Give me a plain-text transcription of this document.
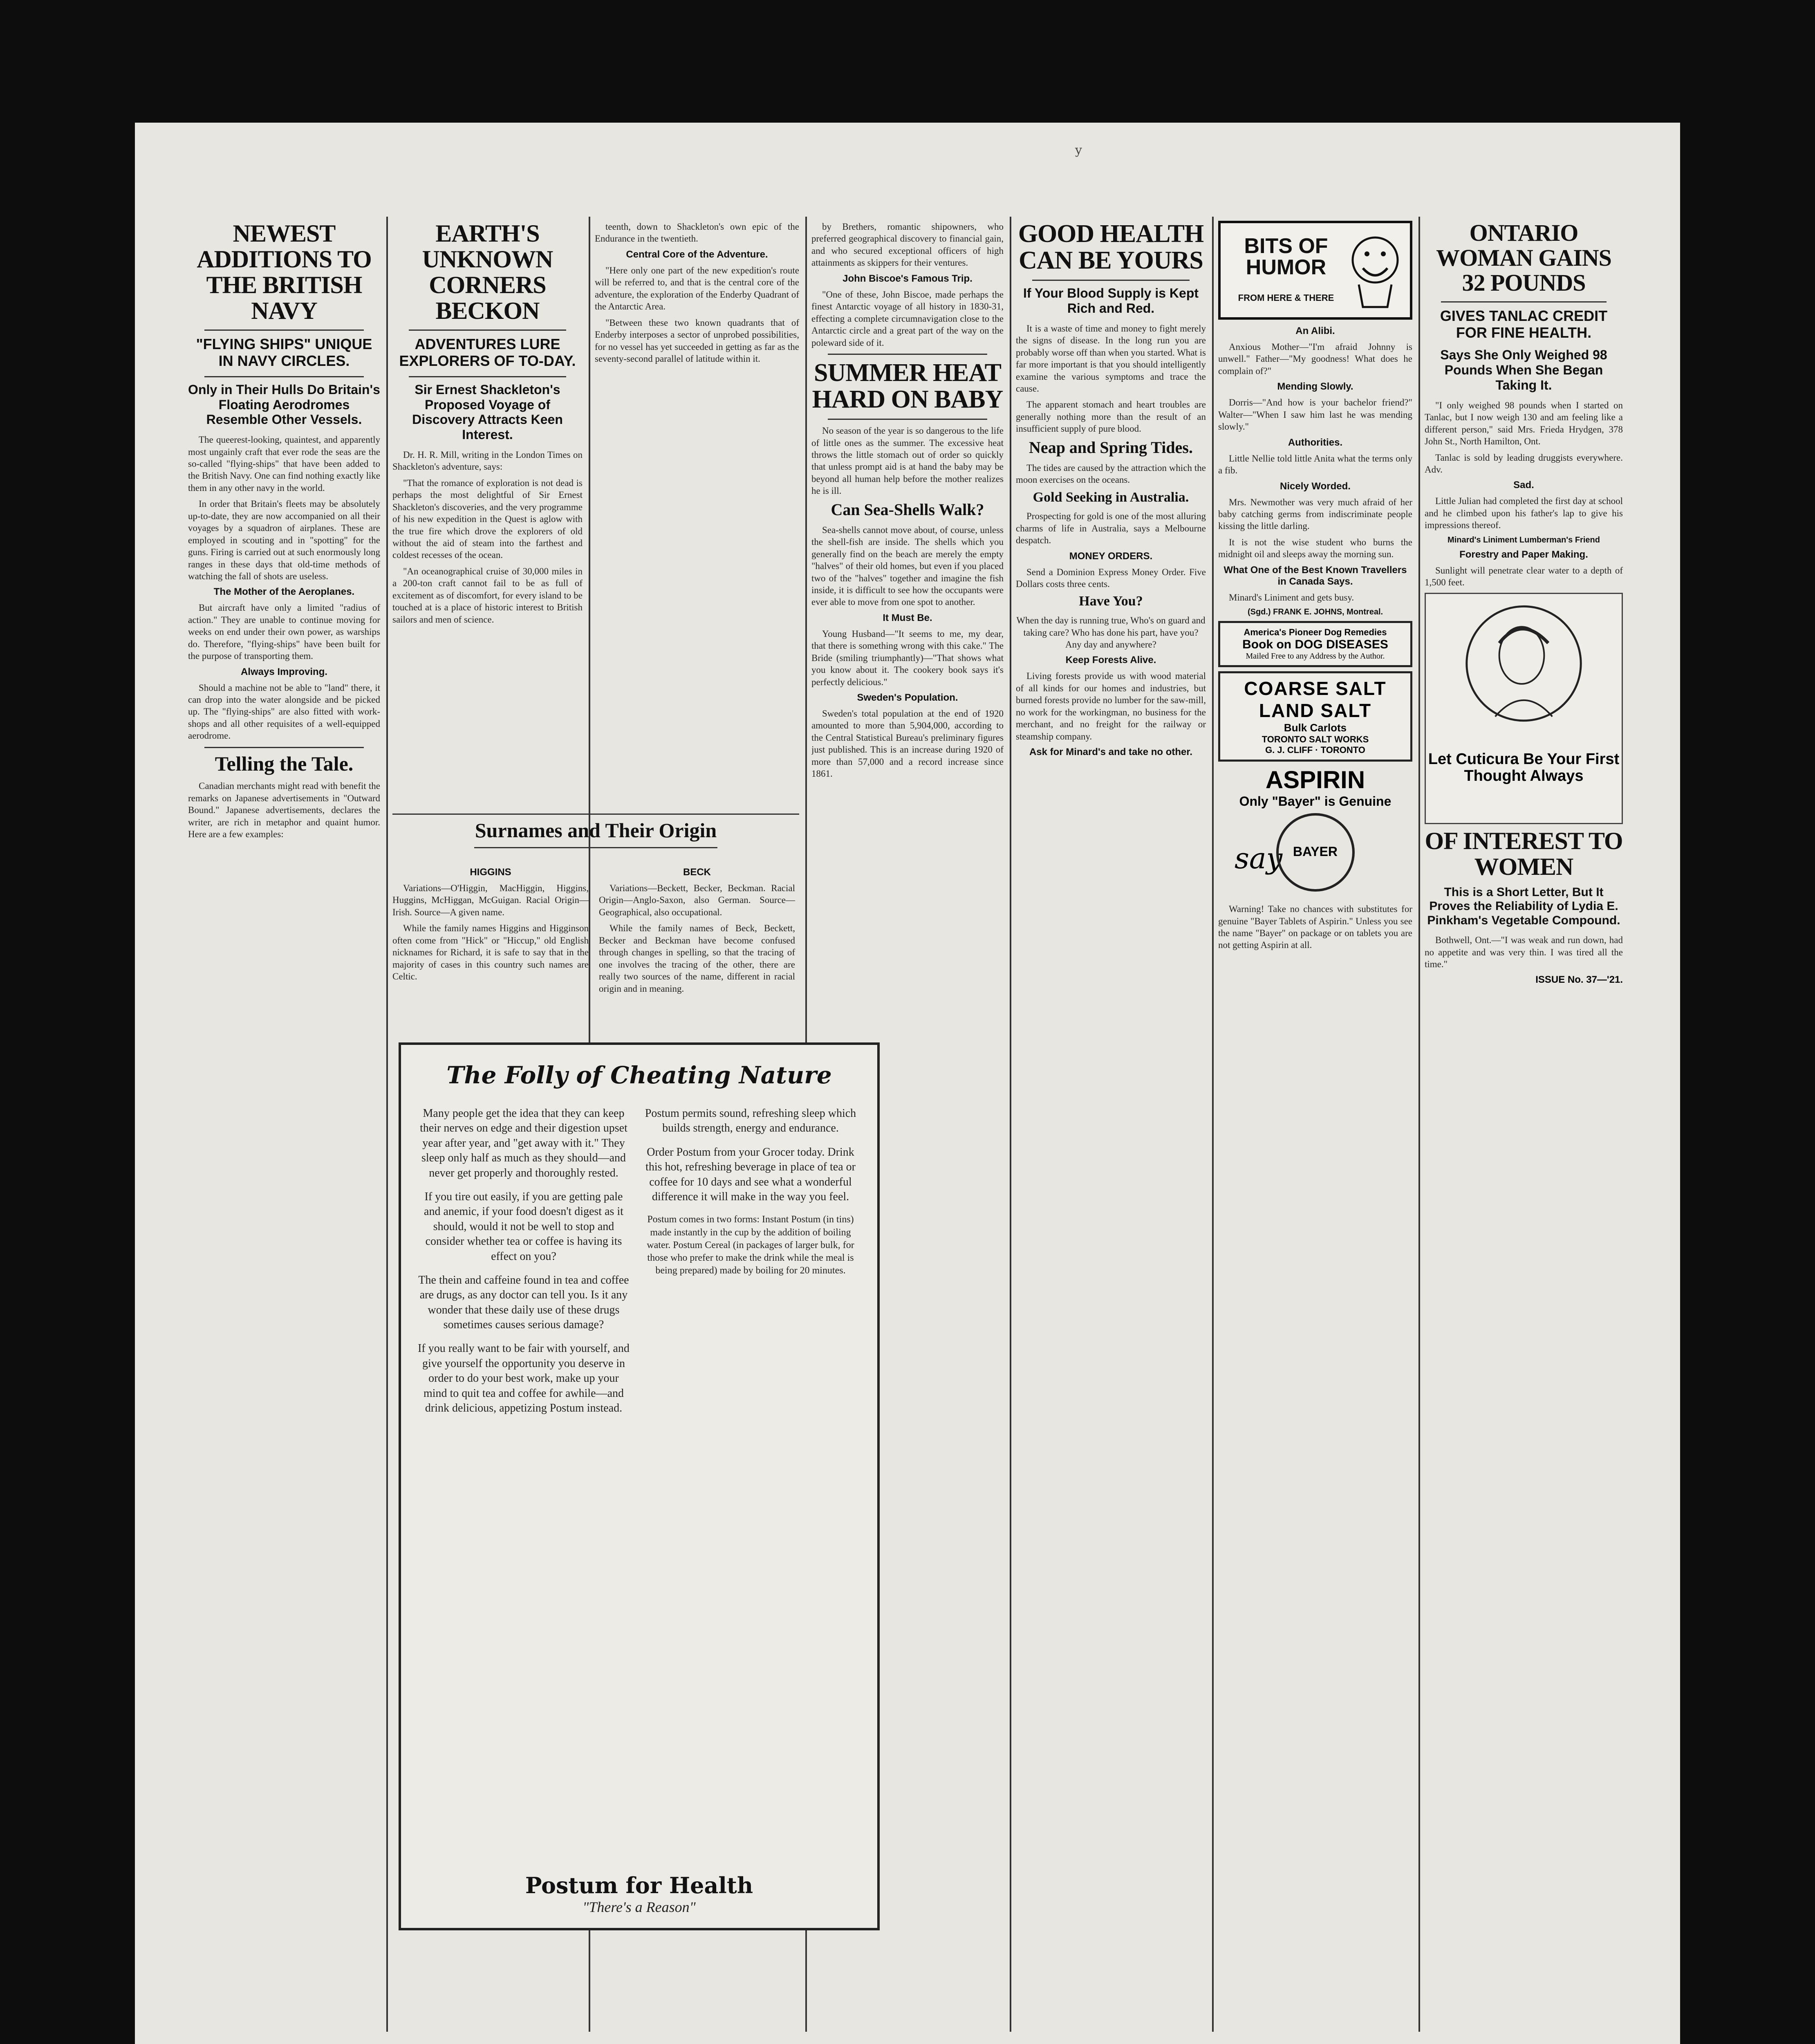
y
NEWEST ADDITIONS TO THE BRITISH NAVY
"FLYING SHIPS" UNIQUE IN NAVY CIRCLES.
Only in Their Hulls Do Britain's Floating Aerodromes Resemble Other Vessels.

The queerest-looking, quaintest, and apparently most ungainly craft that ever rode the seas are the so-called "flying-ships" that have been added to the British Navy. One can find nothing exactly like them in any other navy in the world.

In order that Britain's fleets may be absolutely up-to-date, they are now accompanied on all their voyages by a squadron of airplanes. These are employed in scouting and in "spotting" for the guns. Firing is carried out at such enormously long ranges in these days that old-time methods of watching the fall of shots are useless.

The Mother of the Aeroplanes.

But aircraft have only a limited "radius of action." They are unable to continue moving for weeks on end under their own power, as warships do. Therefore, "flying-ships" have been built for the purpose of transporting them.

Always Improving.

Should a machine not be able to "land" there, it can drop into the water alongside and be picked up. The "flying-ships" are also fitted with work-shops and all other requisites of a well-equipped aerodrome.

Telling the Tale.

Canadian merchants might read with benefit the remarks on Japanese advertisements in "Outward Bound." Japanese advertisements, declares the writer, are rich in metaphor and quaint humor. Here are a few examples:

EARTH'S UNKNOWN CORNERS BECKON
ADVENTURES LURE EXPLORERS OF TO-DAY.
Sir Ernest Shackleton's Proposed Voyage of Discovery Attracts Keen Interest.

Dr. H. R. Mill, writing in the London Times on Shackleton's adventure, says:

"That the romance of exploration is not dead is perhaps the most delightful of Sir Ernest Shackleton's discoveries, and the very programme of his new expedition in the Quest is aglow with the true fire which drove the explorers of old without the aid of steam into the farthest and coldest recesses of the ocean.

"An oceanographical cruise of 30,000 miles in a 200-ton craft cannot fail to be as full of excitement as of discomfort, for every island to be touched at is a place of historic interest to British sailors and men of science.

teenth, down to Shackleton's own epic of the Endurance in the twentieth.

Central Core of the Adventure.

"Here only one part of the new expedition's route will be referred to, and that is the central core of the adventure, the exploration of the Enderby Quadrant of the Antarctic Area.

"Between these two known quadrants that of Enderby interposes a sector of unprobed possibilities, for no vessel has yet succeeded in getting as far as the seventy-second parallel of latitude within it.

Surnames and Their Origin
HIGGINS

Variations—O'Higgin, MacHiggin, Higgins, Huggins, McHiggan, McGuigan. Racial Origin—Irish. Source—A given name.

While the family names Higgins and Higginson often come from "Hick" or "Hiccup," old English nicknames for Richard, it is safe to say that in the majority of cases in this country such names are Celtic.

BECK

Variations—Beckett, Becker, Beckman. Racial Origin—Anglo-Saxon, also German. Source—Geographical, also occupational.

While the family names of Beck, Beckett, Becker and Beckman have become confused through changes in spelling, so that the tracing of one involves the tracing of the other, there are really two sources of the name, different in racial origin and in meaning.

The Folly of Cheating Nature

Many people get the idea that they can keep their nerves on edge and their digestion upset year after year, and "get away with it." They sleep only half as much as they should—and never get properly and thoroughly rested.

If you tire out easily, if you are getting pale and anemic, if your food doesn't digest as it should, would it not be well to stop and consider whether tea or coffee is having its effect on you?

The thein and caffeine found in tea and coffee are drugs, as any doctor can tell you. Is it any wonder that these daily use of these drugs sometimes causes serious damage?

If you really want to be fair with yourself, and give yourself the opportunity you deserve in order to do your best work, make up your mind to quit tea and coffee for awhile—and drink delicious, appetizing Postum instead.

Postum permits sound, refreshing sleep which builds strength, energy and endurance.

Order Postum from your Grocer today. Drink this hot, refreshing beverage in place of tea or coffee for 10 days and see what a wonderful difference it will make in the way you feel.

Postum comes in two forms: Instant Postum (in tins) made instantly in the cup by the addition of boiling water. Postum Cereal (in packages of larger bulk, for those who prefer to make the drink while the meal is being prepared) made by boiling for 20 minutes.

Postum for Health
"There's a Reason"

by Brethers, romantic shipowners, who preferred geographical discovery to financial gain, and who secured exceptional officers of high attainments as skippers for their ventures.

John Biscoe's Famous Trip.

"One of these, John Biscoe, made perhaps the finest Antarctic voyage of all history in 1830-31, effecting a complete circumnavigation close to the Antarctic circle and a great part of the way on the poleward side of it.

SUMMER HEAT HARD ON BABY

No season of the year is so dangerous to the life of little ones as the summer. The excessive heat throws the little stomach out of order so quickly that unless prompt aid is at hand the baby may be beyond all human help before the mother realizes he is ill.

Can Sea-Shells Walk?

Sea-shells cannot move about, of course, unless the shell-fish are inside. The shells which you generally find on the beach are merely the empty "halves" of their old homes, but even if you placed two of the "halves" together and imagine the fish inside, it is difficult to see how the occupants were ever able to move from one spot to another.

It Must Be.

Young Husband—"It seems to me, my dear, that there is something wrong with this cake." The Bride (smiling triumphantly)—"That shows what you know about it. The cookery book says it's perfectly delicious."

Sweden's Population.

Sweden's total population at the end of 1920 amounted to more than 5,904,000, according to the Central Statistical Bureau's preliminary figures just published. This is an increase during 1920 of more than 57,000 and a record increase since 1861.

GOOD HEALTH CAN BE YOURS
If Your Blood Supply is Kept Rich and Red.

It is a waste of time and money to fight merely the signs of disease. In the long run you are probably worse off than when you started. What is far more important is that you should intelligently examine the various symptoms and trace the cause.

The apparent stomach and heart troubles are generally nothing more than the result of an insufficient supply of pure blood.

Neap and Spring Tides.

The tides are caused by the attraction which the moon exercises on the oceans.

Gold Seeking in Australia.

Prospecting for gold is one of the most alluring charms of life in Australia, says a Melbourne despatch.

MONEY ORDERS.

Send a Dominion Express Money Order. Five Dollars costs three cents.

Have You?

When the day is running true, Who's on guard and taking care? Who has done his part, have you? Any day and anywhere?

Keep Forests Alive.

Living forests provide us with wood material of all kinds for our homes and industries, but burned forests provide no lumber for the saw-mill, no work for the workingman, no business for the merchant, and no freight for the railway or steamship company.

Ask for Minard's and take no other.
BITS OF HUMOR
FROM HERE & THERE
An Alibi.

Anxious Mother—"I'm afraid Johnny is unwell." Father—"My goodness! What does he complain of?"

Mending Slowly.

Dorris—"And how is your bachelor friend?" Walter—"When I saw him last he was mending slowly."

Authorities.

Little Nellie told little Anita what the terms only a fib.

Nicely Worded.

Mrs. Newmother was very much afraid of her baby catching germs from indiscriminate people kissing the little darling.

It is not the wise student who burns the midnight oil and sleeps away the morning sun.

What One of the Best Known Travellers in Canada Says.

Minard's Liniment and gets busy.

(Sgd.) FRANK E. JOHNS, Montreal.
America's Pioneer Dog Remedies
Book on DOG DISEASES
Mailed Free to any Address by the Author.
COARSE SALT
LAND SALT
Bulk Carlots
TORONTO SALT WORKS
G. J. CLIFF · TORONTO
ASPIRIN
Only "Bayer" is Genuine
say BAYER

Warning! Take no chances with substitutes for genuine "Bayer Tablets of Aspirin." Unless you see the name "Bayer" on package or on tablets you are not getting Aspirin at all.

ONTARIO WOMAN GAINS 32 POUNDS
GIVES TANLAC CREDIT FOR FINE HEALTH.
Says She Only Weighed 98 Pounds When She Began Taking It.

"I only weighed 98 pounds when I started on Tanlac, but I now weigh 130 and am feeling like a different person," said Mrs. Frieda Hrydgen, 378 John St., North Hamilton, Ont.

Tanlac is sold by leading druggists everywhere. Adv.

Sad.

Little Julian had completed the first day at school and he climbed upon his father's lap to give his impressions thereof.

Minard's Liniment Lumberman's Friend
Forestry and Paper Making.

Sunlight will penetrate clear water to a depth of 1,500 feet.

Let Cuticura Be Your First Thought Always
OF INTEREST TO WOMEN
This is a Short Letter, But It Proves the Reliability of Lydia E. Pinkham's Vegetable Compound.

Bothwell, Ont.—"I was weak and run down, had no appetite and was very thin. I was tired all the time."

ISSUE No. 37—'21.
